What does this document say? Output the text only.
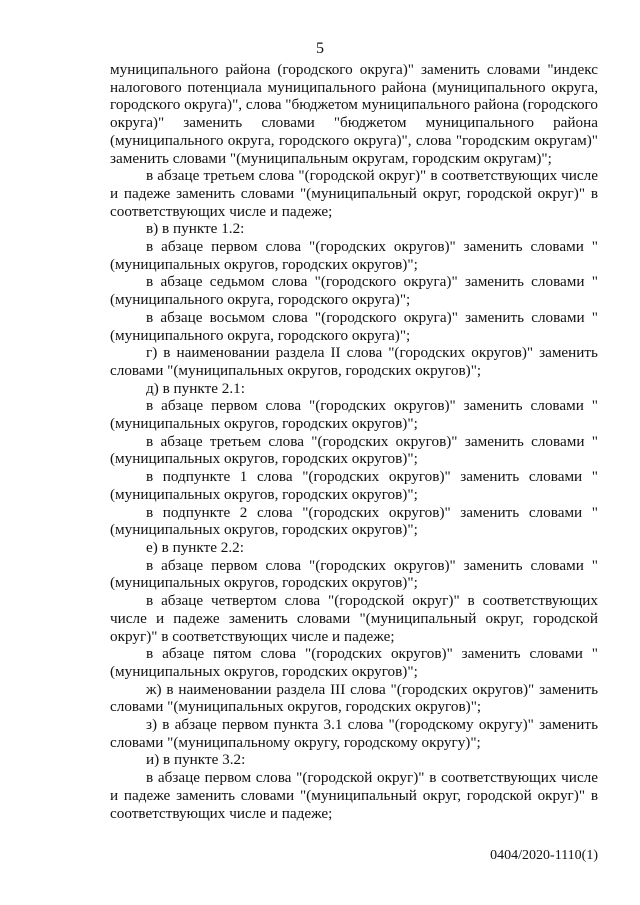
5

муниципального района (городского округа)" заменить словами "индекс налогового потенциала муниципального района (муниципального округа, городского округа)", слова "бюджетом муниципального района (городского округа)" заменить словами "бюджетом муниципального района (муниципального округа, городского округа)", слова "городским округам)" заменить словами "(муниципальным округам, городским округам)";

в абзаце третьем слова "(городской округ)" в соответствующих числе и падеже заменить словами "(муниципальный округ, городской округ)" в соответствующих числе и падеже;

в) в пункте 1.2:

в абзаце первом слова "(городских округов)" заменить словами "(муниципальных округов, городских округов)";

в абзаце седьмом слова "(городского округа)" заменить словами "(муниципального округа, городского округа)";

в абзаце восьмом слова "(городского округа)" заменить словами "(муниципального округа, городского округа)";

г) в наименовании раздела II слова "(городских округов)" заменить словами "(муниципальных округов, городских округов)";

д) в пункте 2.1:

в абзаце первом слова "(городских округов)" заменить словами "(муниципальных округов, городских округов)";

в абзаце третьем слова "(городских округов)" заменить словами "(муниципальных округов, городских округов)";

в подпункте 1 слова "(городских округов)" заменить словами "(муниципальных округов, городских округов)";

в подпункте 2 слова "(городских округов)" заменить словами "(муниципальных округов, городских округов)";

е) в пункте 2.2:

в абзаце первом слова "(городских округов)" заменить словами "(муниципальных округов, городских округов)";

в абзаце четвертом слова "(городской округ)" в соответствующих числе и падеже заменить словами "(муниципальный округ, городской округ)" в соответствующих числе и падеже;

в абзаце пятом слова "(городских округов)" заменить словами "(муниципальных округов, городских округов)";

ж) в наименовании раздела III слова "(городских округов)" заменить словами "(муниципальных округов, городских округов)";

з) в абзаце первом пункта 3.1 слова "(городскому округу)" заменить словами "(муниципальному округу, городскому округу)";

и) в пункте 3.2:

в абзаце первом слова "(городской округ)" в соответствующих числе и падеже заменить словами "(муниципальный округ, городской округ)" в соответствующих числе и падеже;

0404/2020-1110(1)
